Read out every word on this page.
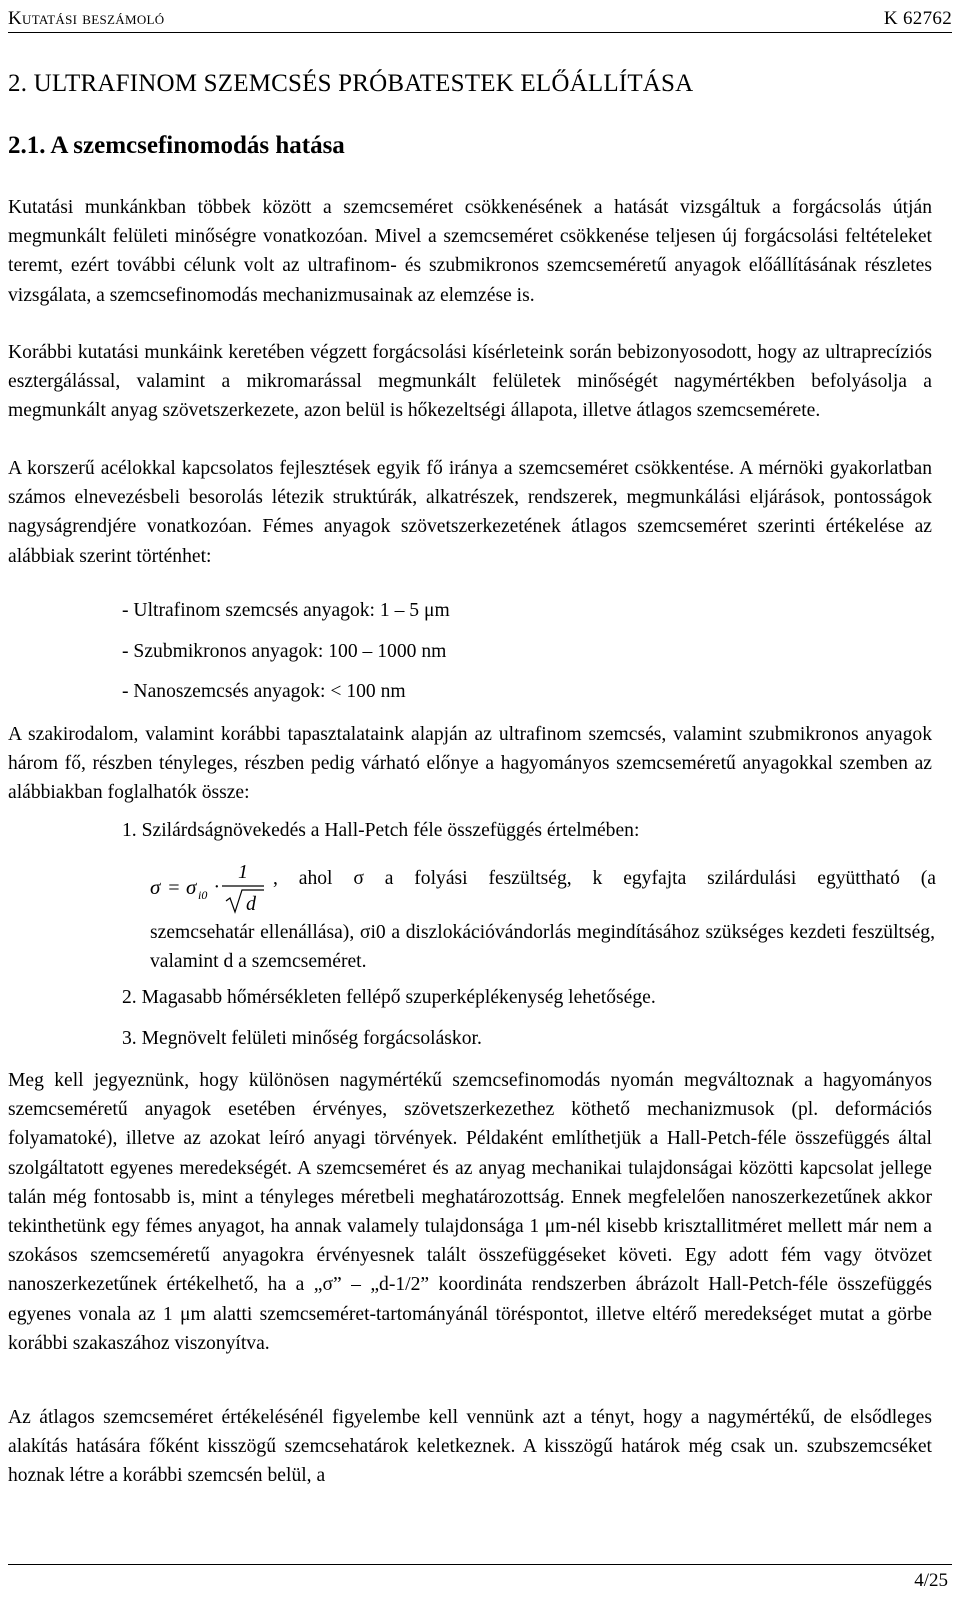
Kutatási beszámoló	K 62762
2. ULTRAFINOM SZEMCSÉS PRÓBATESTEK ELŐÁLLÍTÁSA
2.1. A szemcsefinomodás hatása
Kutatási munkánkban többek között a szemcseméret csökkenésének a hatását vizsgáltuk a forgácsolás útján megmunkált felületi minőségre vonatkozóan. Mivel a szemcseméret csökkenése teljesen új forgácsolási feltételeket teremt, ezért további célunk volt az ultrafinom- és szubmikronos szemcseméretű anyagok előállításának részletes vizsgálata, a szemcsefinomodás mechanizmusainak az elemzése is.
Korábbi kutatási munkáink keretében végzett forgácsolási kísérleteink során bebizonyosodott, hogy az ultraprecíziós esztergálással, valamint a mikromarással megmunkált felületek minőségét nagymértékben befolyásolja a megmunkált anyag szövetszerkezete, azon belül is hőkezeltségi állapota, illetve átlagos szemcsemérete.
A korszerű acélokkal kapcsolatos fejlesztések egyik fő iránya a szemcseméret csökkentése. A mérnöki gyakorlatban számos elnevezésbeli besorolás létezik struktúrák, alkatrészek, rendszerek, megmunkálási eljárások, pontosságok nagyságrendjére vonatkozóan. Fémes anyagok szövetszerkezetének átlagos szemcseméret szerinti értékelése az alábbiak szerint történhet:
- Ultrafinom szemcsés anyagok: 1 – 5 μm
- Szubmikronos anyagok: 100 – 1000 nm
- Nanoszemcsés anyagok: < 100 nm
A szakirodalom, valamint korábbi tapasztalataink alapján az ultrafinom szemcsés, valamint szubmikronos anyagok három fő, részben tényleges, részben pedig várható előnye a hagyományos szemcseméretű anyagokkal szemben az alábbiakban foglalhatók össze:
1. Szilárdságnövekedés a Hall-Petch féle összefüggés értelmében:
σ = σ i0 ·
1
d
, ahol σ a folyási feszültség, k egyfajta szilárdulási együttható (a
szemcsehatár ellenállása), σi0 a diszlokációvándorlás megindításához szükséges kezdeti feszültség, valamint d a szemcseméret.
2. Magasabb hőmérsékleten fellépő szuperképlékenység lehetősége.
3. Megnövelt felületi minőség forgácsoláskor.
Meg kell jegyeznünk, hogy különösen nagymértékű szemcsefinomodás nyomán megváltoznak a hagyományos szemcseméretű anyagok esetében érvényes, szövetszerkezethez köthető mechanizmusok (pl. deformációs folyamatoké), illetve az azokat leíró anyagi törvények. Példaként említhetjük a Hall-Petch-féle összefüggés által szolgáltatott egyenes meredekségét. A szemcseméret és az anyag mechanikai tulajdonságai közötti kapcsolat jellege talán még fontosabb is, mint a tényleges méretbeli meghatározottság. Ennek megfelelően nanoszerkezetűnek akkor tekinthetünk egy fémes anyagot, ha annak valamely tulajdonsága 1 μm-nél kisebb krisztallitméret mellett már nem a szokásos szemcseméretű anyagokra érvényesnek talált összefüggéseket követi. Egy adott fém vagy ötvözet nanoszerkezetűnek értékelhető, ha a „σ” – „d-1/2” koordináta rendszerben ábrázolt Hall-Petch-féle összefüggés egyenes vonala az 1 μm alatti szemcseméret-tartományánál töréspontot, illetve eltérő meredekséget mutat a görbe korábbi szakaszához viszonyítva.
Az átlagos szemcseméret értékelésénél figyelembe kell vennünk azt a tényt, hogy a nagymértékű, de elsődleges alakítás hatására főként kisszögű szemcsehatárok keletkeznek. A kisszögű határok még csak un. szubszemcséket hoznak létre a korábbi szemcsén belül, a
4/25
